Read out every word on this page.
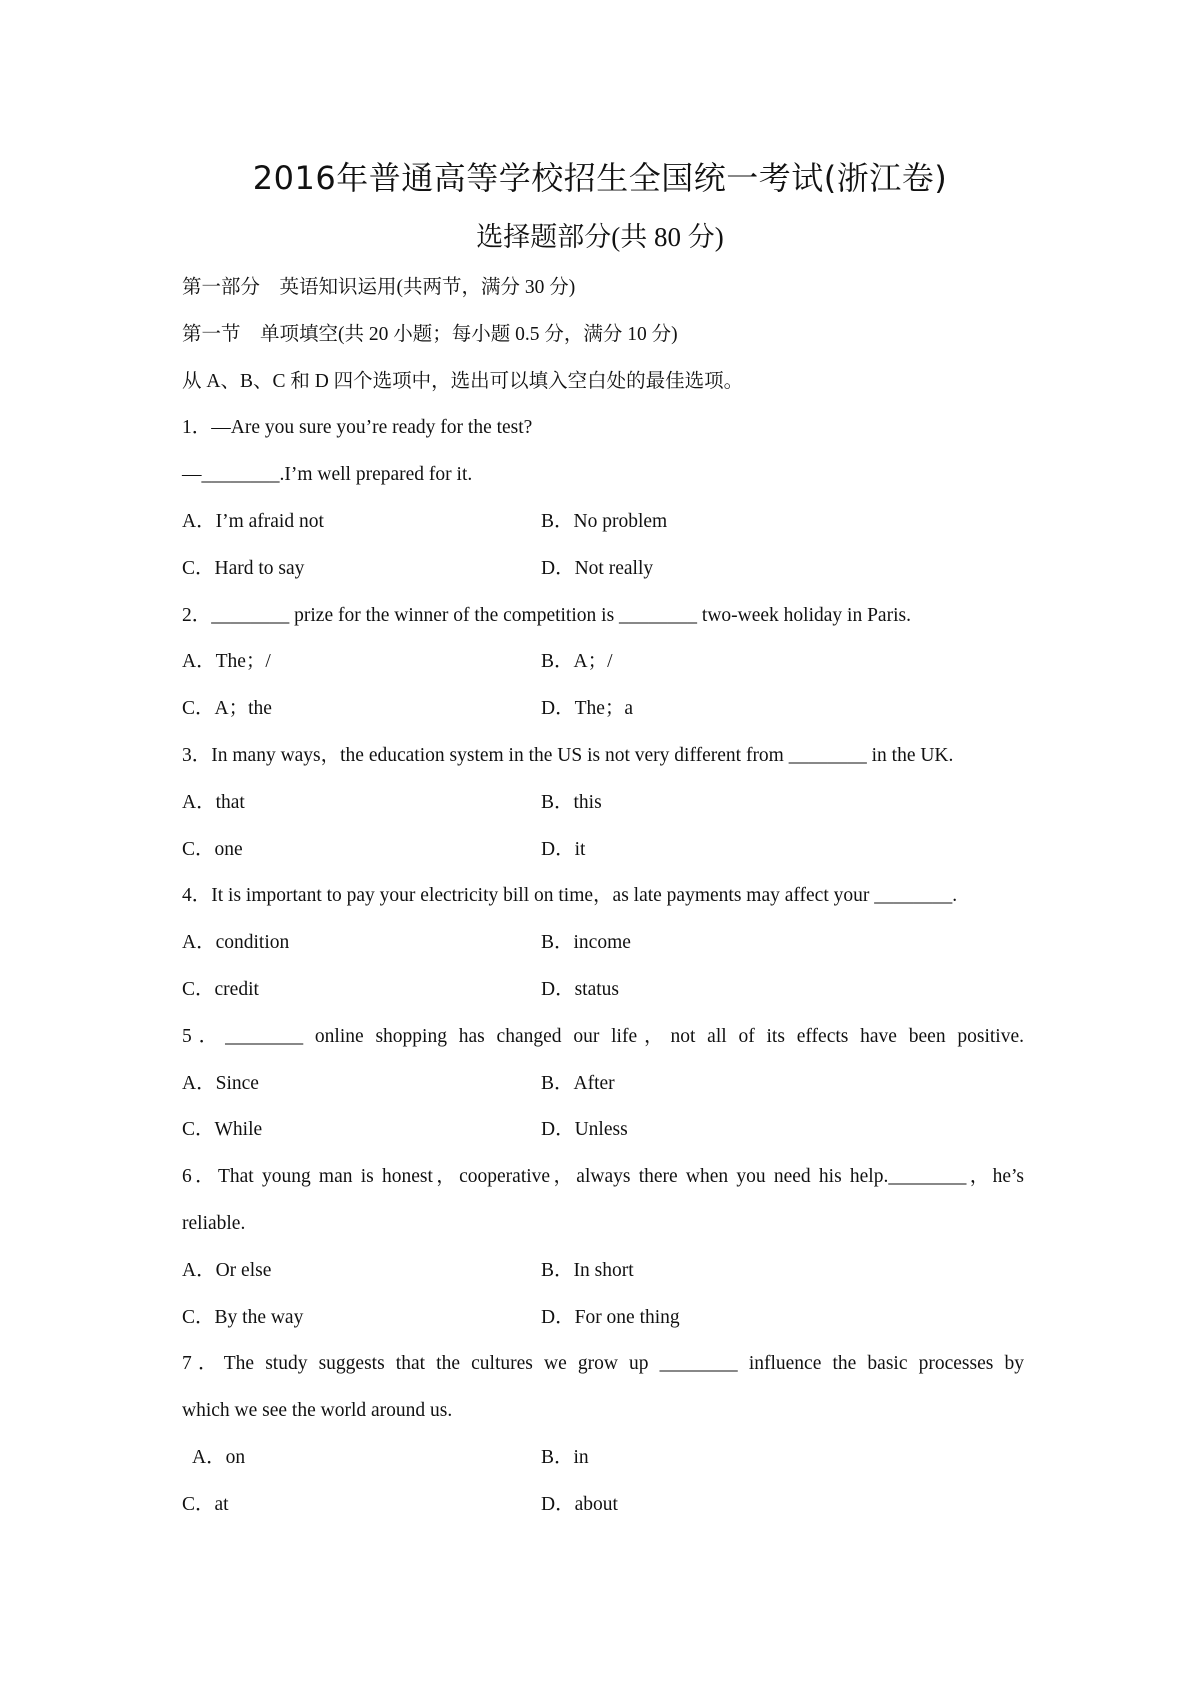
2016年普通高等学校招生全国统一考试(浙江卷)
选择题部分(共 80 分)
第一部分　英语知识运用(共两节，满分 30 分)
第一节　单项填空(共 20 小题；每小题 0.5 分，满分 10 分)
从 A、B、C 和 D 四个选项中，选出可以填入空白处的最佳选项。
1．—Are you sure you’re ready for the test?
—________.I’m well prepared for it.
A．I’m afraid not	B．No problem
C．Hard to say	D．Not really
2．________ prize for the winner of the competition is ________ two-week holiday in Paris.
A．The；/	B．A；/
C．A；the	D．The；a
3．In many ways，the education system in the US is not very different from ________ in the UK.
A．that	B．this
C．one	D．it
4．It is important to pay your electricity bill on time，as late payments may affect your ________.
A．condition	B．income
C．credit	D．status
5．________ online shopping has changed our life，not all of its effects have been positive.
A．Since	B．After
C．While	D．Unless
6．That young man is honest，cooperative，always there when you need his help.________，he’s
reliable.
A．Or else	B．In short
C．By the way	D．For one thing
7．The study suggests that the cultures we grow up ________ influence the basic processes by
which we see the world around us.
A．on	B．in
C．at	D．about
